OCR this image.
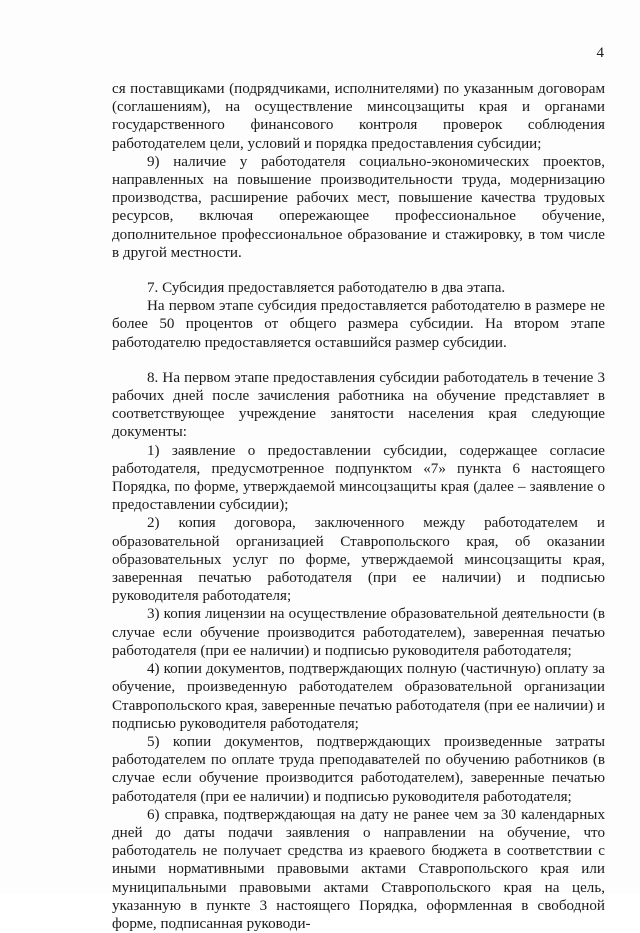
4

ся поставщиками (подрядчиками, исполнителями) по указанным договорам (соглашениям), на осуществление минсоцзащиты края и органами государственного финансового контроля проверок соблюдения работодателем цели, условий и порядка предоставления субсидии;

9) наличие у работодателя социально-экономических проектов, направленных на повышение производительности труда, модернизацию производства, расширение рабочих мест, повышение качества трудовых ресурсов, включая опережающее профессиональное обучение, дополнительное профессиональное образование и стажировку, в том числе в другой местности.

7. Субсидия предоставляется работодателю в два этапа.

На первом этапе субсидия предоставляется работодателю в размере не более 50 процентов от общего размера субсидии. На втором этапе работодателю предоставляется оставшийся размер субсидии.

8. На первом этапе предоставления субсидии работодатель в течение 3 рабочих дней после зачисления работника на обучение представляет в соответствующее учреждение занятости населения края следующие документы:

1) заявление о предоставлении субсидии, содержащее согласие работодателя, предусмотренное подпунктом «7» пункта 6 настоящего Порядка, по форме, утверждаемой минсоцзащиты края (далее – заявление о предоставлении субсидии);

2) копия договора, заключенного между работодателем и образовательной организацией Ставропольского края, об оказании образовательных услуг по форме, утверждаемой минсоцзащиты края, заверенная печатью работодателя (при ее наличии) и подписью руководителя работодателя;

3) копия лицензии на осуществление образовательной деятельности (в случае если обучение производится работодателем), заверенная печатью работодателя (при ее наличии) и подписью руководителя работодателя;

4) копии документов, подтверждающих полную (частичную) оплату за обучение, произведенную работодателем образовательной организации Ставропольского края, заверенные печатью работодателя (при ее наличии) и подписью руководителя работодателя;

5) копии документов, подтверждающих произведенные затраты работодателем по оплате труда преподавателей по обучению работников (в случае если обучение производится работодателем), заверенные печатью работодателя (при ее наличии) и подписью руководителя работодателя;

6) справка, подтверждающая на дату не ранее чем за 30 календарных дней до даты подачи заявления о направлении на обучение, что работодатель не получает средства из краевого бюджета в соответствии с иными нормативными правовыми актами Ставропольского края или муниципальными правовыми актами Ставропольского края на цель, указанную в пункте 3 настоящего Порядка, оформленная в свободной форме, подписанная руководи-
